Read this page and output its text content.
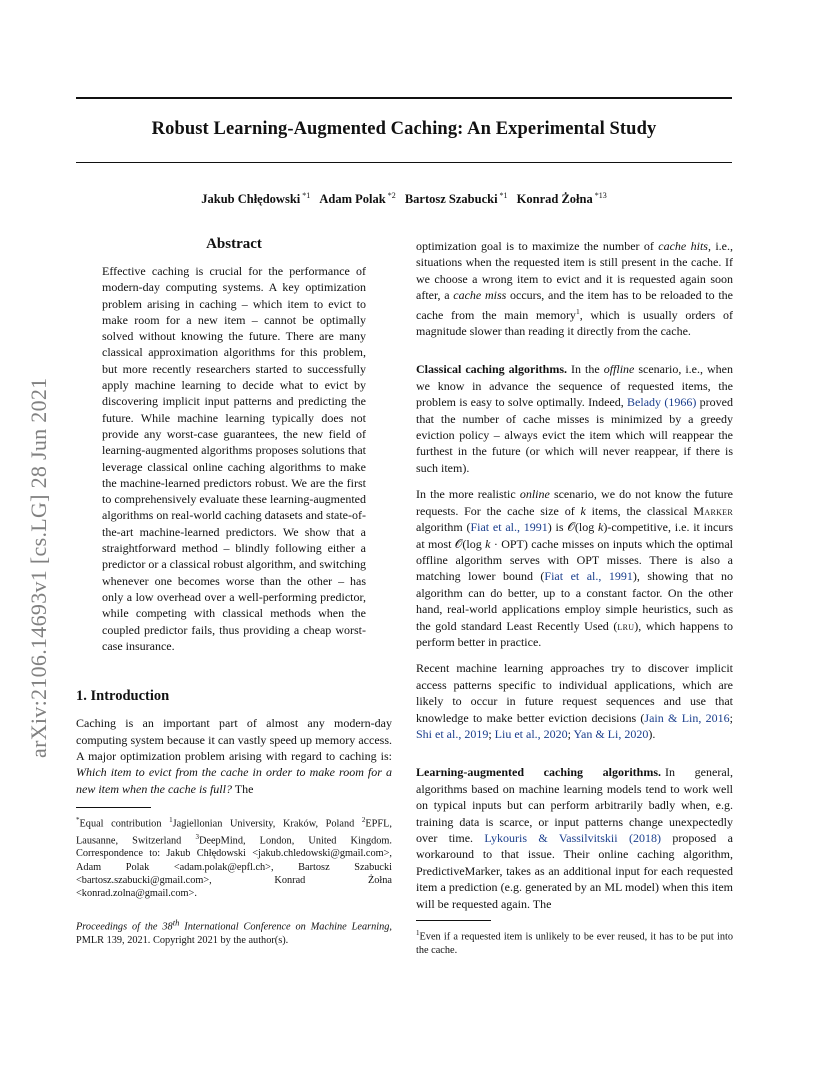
Robust Learning-Augmented Caching: An Experimental Study
Jakub Chłędowski $^{*1}$ Adam Polak $^{*2}$ Bartosz Szabucki $^{*1}$ Konrad Żołna $^{*13}$
arXiv:2106.14693v1 [cs.LG] 28 Jun 2021
Abstract

Effective caching is crucial for the performance of modern-day computing systems. A key optimization problem arising in caching – which item to evict to make room for a new item – cannot be optimally solved without knowing the future. There are many classical approximation algorithms for this problem, but more recently researchers started to successfully apply machine learning to decide what to evict by discovering implicit input patterns and predicting the future. While machine learning typically does not provide any worst-case guarantees, the new field of learning-augmented algorithms proposes solutions that leverage classical online caching algorithms to make the machine-learned predictors robust. We are the first to comprehensively evaluate these learning-augmented algorithms on real-world caching datasets and state-of-the-art machine-learned predictors. We show that a straightforward method – blindly following either a predictor or a classical robust algorithm, and switching whenever one becomes worse than the other – has only a low overhead over a well-performing predictor, while competing with classical methods when the coupled predictor fails, thus providing a cheap worst-case insurance.

1. Introduction

Caching is an important part of almost any modern-day computing system because it can vastly speed up memory access. A major optimization problem arising with regard to caching is: Which item to evict from the cache in order to make room for a new item when the cache is full? The

*Equal contribution $^1$Jagiellonian University, Kraków, Poland $^2$EPFL, Lausanne, Switzerland $^3$DeepMind, London, United Kingdom. Correspondence to: Jakub Chłędowski <jakub.chledowski@gmail.com>, Adam Polak <adam.polak@epfl.ch>, Bartosz Szabucki <bartosz.szabucki@gmail.com>, Konrad Żołna <konrad.zolna@gmail.com>.

Proceedings of the 38th International Conference on Machine Learning, PMLR 139, 2021. Copyright 2021 by the author(s).

optimization goal is to maximize the number of cache hits, i.e., situations when the requested item is still present in the cache. If we choose a wrong item to evict and it is requested again soon after, a cache miss occurs, and the item has to be reloaded to the cache from the main memory$^1$, which is usually orders of magnitude slower than reading it directly from the cache.

Classical caching algorithms. In the offline scenario, i.e., when we know in advance the sequence of requested items, the problem is easy to solve optimally. Indeed, Belady (1966) proved that the number of cache misses is minimized by a greedy eviction policy – always evict the item which will reappear the furthest in the future (or which will never reappear, if there is such item).

In the more realistic online scenario, we do not know the future requests. For the cache size of k items, the classical Marker algorithm (Fiat et al., 1991) is 𝒪(log k)-competitive, i.e. it incurs at most 𝒪(log k · OPT) cache misses on inputs which the optimal offline algorithm serves with OPT misses. There is also a matching lower bound (Fiat et al., 1991), showing that no algorithm can do better, up to a constant factor. On the other hand, real-world applications employ simple heuristics, such as the gold standard Least Recently Used (lru), which happens to perform better in practice.

Recent machine learning approaches try to discover implicit access patterns specific to individual applications, which are likely to occur in future request sequences and use that knowledge to make better eviction decisions (Jain & Lin, 2016; Shi et al., 2019; Liu et al., 2020; Yan & Li, 2020).

Learning-augmented caching algorithms. In general, algorithms based on machine learning models tend to work well on typical inputs but can perform arbitrarily badly when, e.g. training data is scarce, or input patterns change unexpectedly over time. Lykouris & Vassilvitskii (2018) proposed a workaround to that issue. Their online caching algorithm, PredictiveMarker, takes as an additional input for each requested item a prediction (e.g. generated by an ML model) when this item will be requested again. The

$^1$Even if a requested item is unlikely to be ever reused, it has to be put into the cache.
